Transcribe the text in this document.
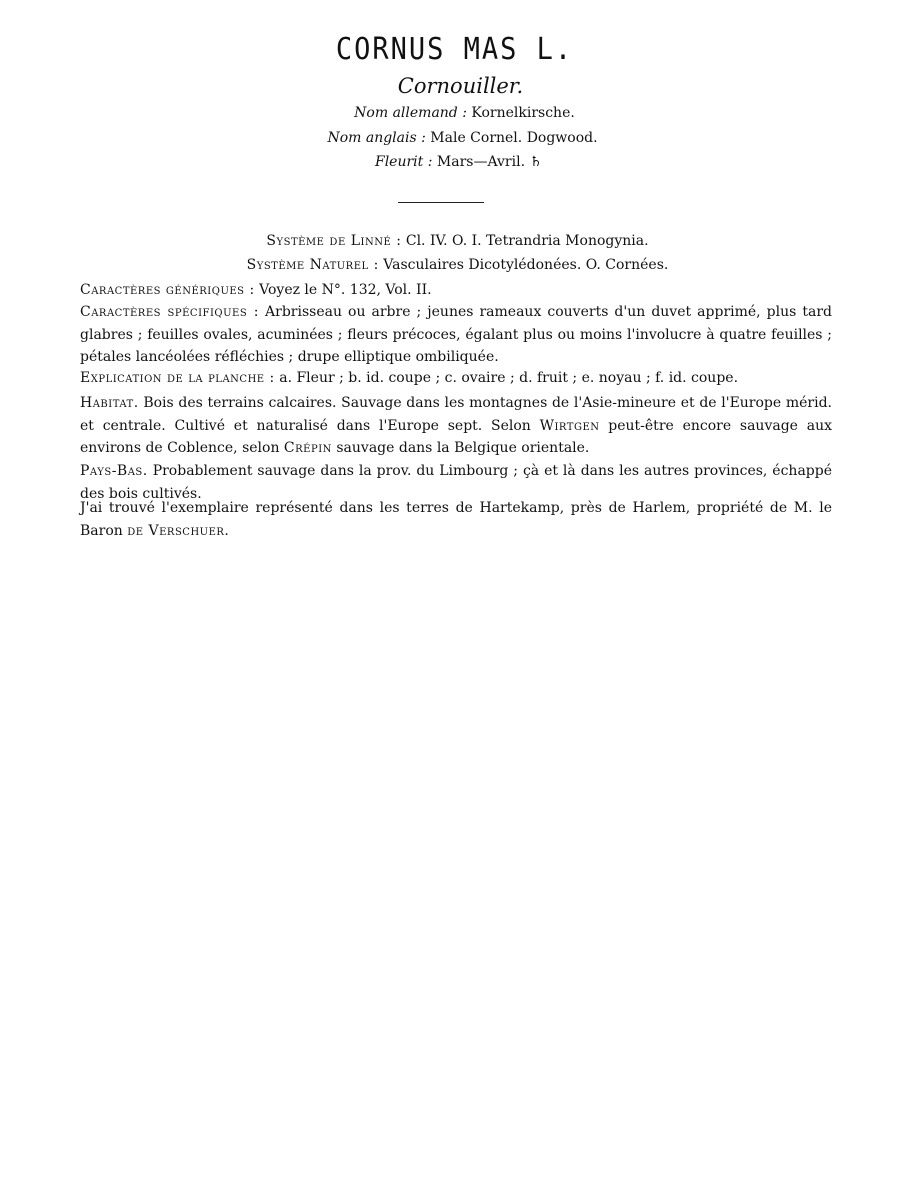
CORNUS MAS L.
Cornouiller.
Nom allemand : Kornelkirsche.
Nom anglais : Male Cornel. Dogwood.
Fleurit : Mars—Avril. ♄
Système de Linné : Cl. IV. O. I. Tetrandria Monogynia.
Système Naturel : Vasculaires Dicotylédonées. O. Cornées.
Caractères génériques : Voyez le N°. 132, Vol. II.
Caractères spécifiques : Arbrisseau ou arbre ; jeunes rameaux couverts d'un duvet apprimé, plus tard glabres ; feuilles ovales, acuminées ; fleurs précoces, égalant plus ou moins l'involucre à quatre feuilles ; pétales lancéolées réfléchies ; drupe elliptique ombiliquée.
Explication de la planche : a. Fleur ; b. id. coupe ; c. ovaire ; d. fruit ; e. noyau ; f. id. coupe.
Habitat. Bois des terrains calcaires. Sauvage dans les montagnes de l'Asie-mineure et de l'Europe mérid. et centrale. Cultivé et naturalisé dans l'Europe sept. Selon Wirtgen peut-être encore sauvage aux environs de Coblence, selon Crépin sauvage dans la Belgique orientale.
Pays-Bas. Probablement sauvage dans la prov. du Limbourg ; çà et là dans les autres provinces, échappé des bois cultivés.
J'ai trouvé l'exemplaire représenté dans les terres de Hartekamp, près de Harlem, propriété de M. le Baron de Verschuer.
